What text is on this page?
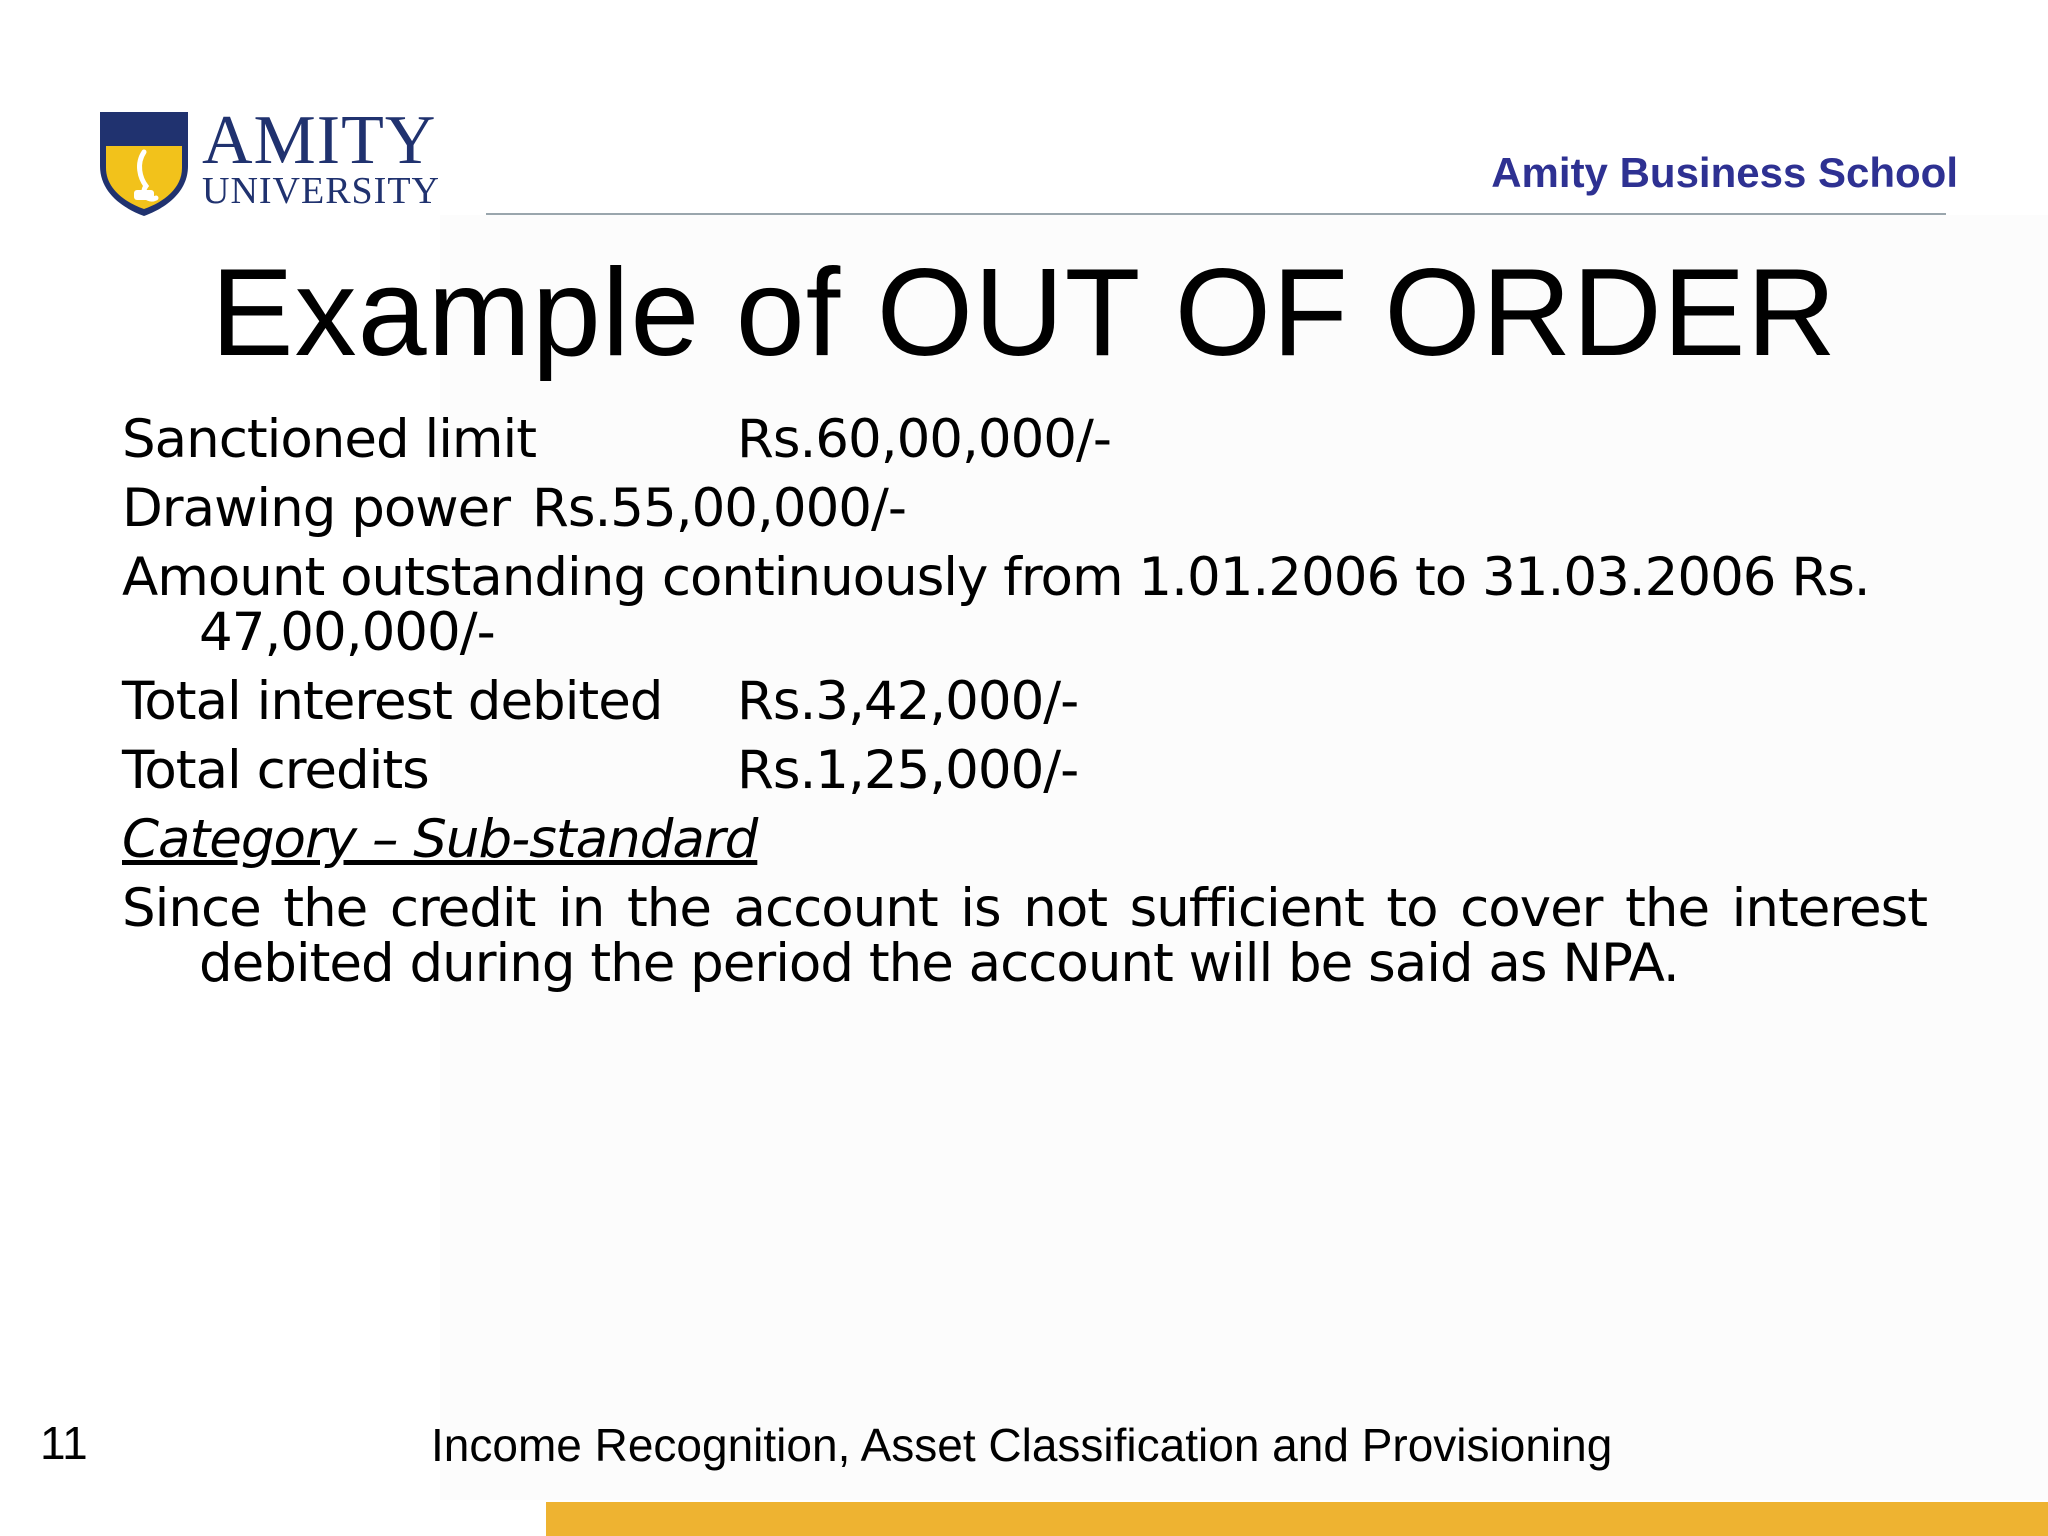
AMITY
UNIVERSITY	Amity Business School
Example of OUT OF ORDER
Sanctioned limit	Rs.60,00,000/-
Drawing power Rs.55,00,000/-
Amount outstanding continuously from 1.01.2006 to 31.03.2006 Rs. 47,00,000/-
Total interest debited Rs.3,42,000/-
Total credits	Rs.1,25,000/-
Category – Sub-standard
Since the credit in the account is not sufficient to cover the interest debited during the period the account will be said as NPA.
11	Income Recognition, Asset Classification and Provisioning
